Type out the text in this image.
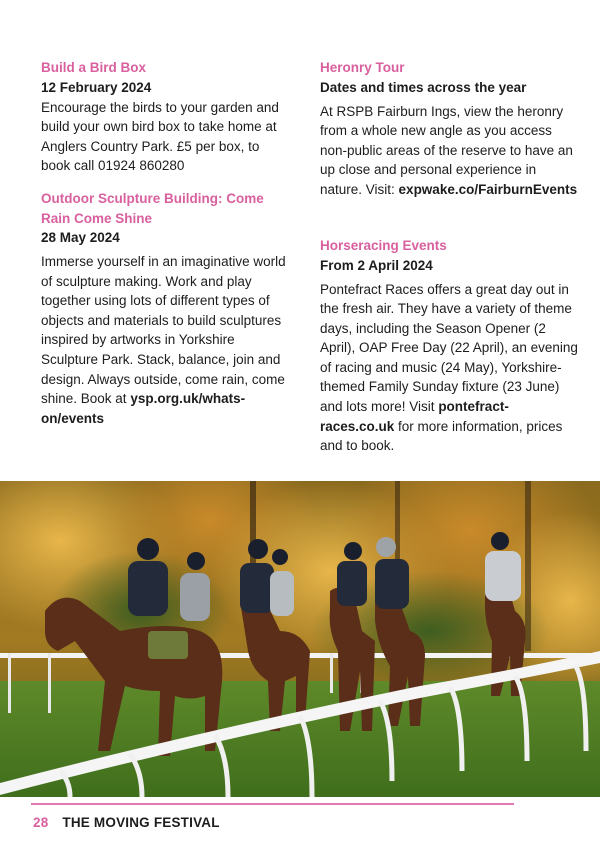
Build a Bird Box

12 February 2024

Encourage the birds to your garden and build your own bird box to take home at Anglers Country Park. £5 per box, to book call 01924 860280

Outdoor Sculpture Building: Come Rain Come Shine

28 May 2024

Immerse yourself in an imaginative world of sculpture making. Work and play together using lots of different types of objects and materials to build sculptures inspired by artworks in Yorkshire Sculpture Park. Stack, balance, join and design. Always outside, come rain, come shine. Book at ysp.org.uk/whats-on/events

Heronry Tour

Dates and times across the year

At RSPB Fairburn Ings, view the heronry from a whole new angle as you access non-public areas of the reserve to have an up close and personal experience in nature. Visit: expwake.co/FairburnEvents

Horseracing Events

From 2 April 2024

Pontefract Races offers a great day out in the fresh air. They have a variety of theme days, including the Season Opener (2 April), OAP Free Day (22 April), an evening of racing and music (24 May), Yorkshire-themed Family Sunday fixture (23 June) and lots more! Visit pontefract-races.co.uk for more information, prices and to book.

28 THE MOVING FESTIVAL
